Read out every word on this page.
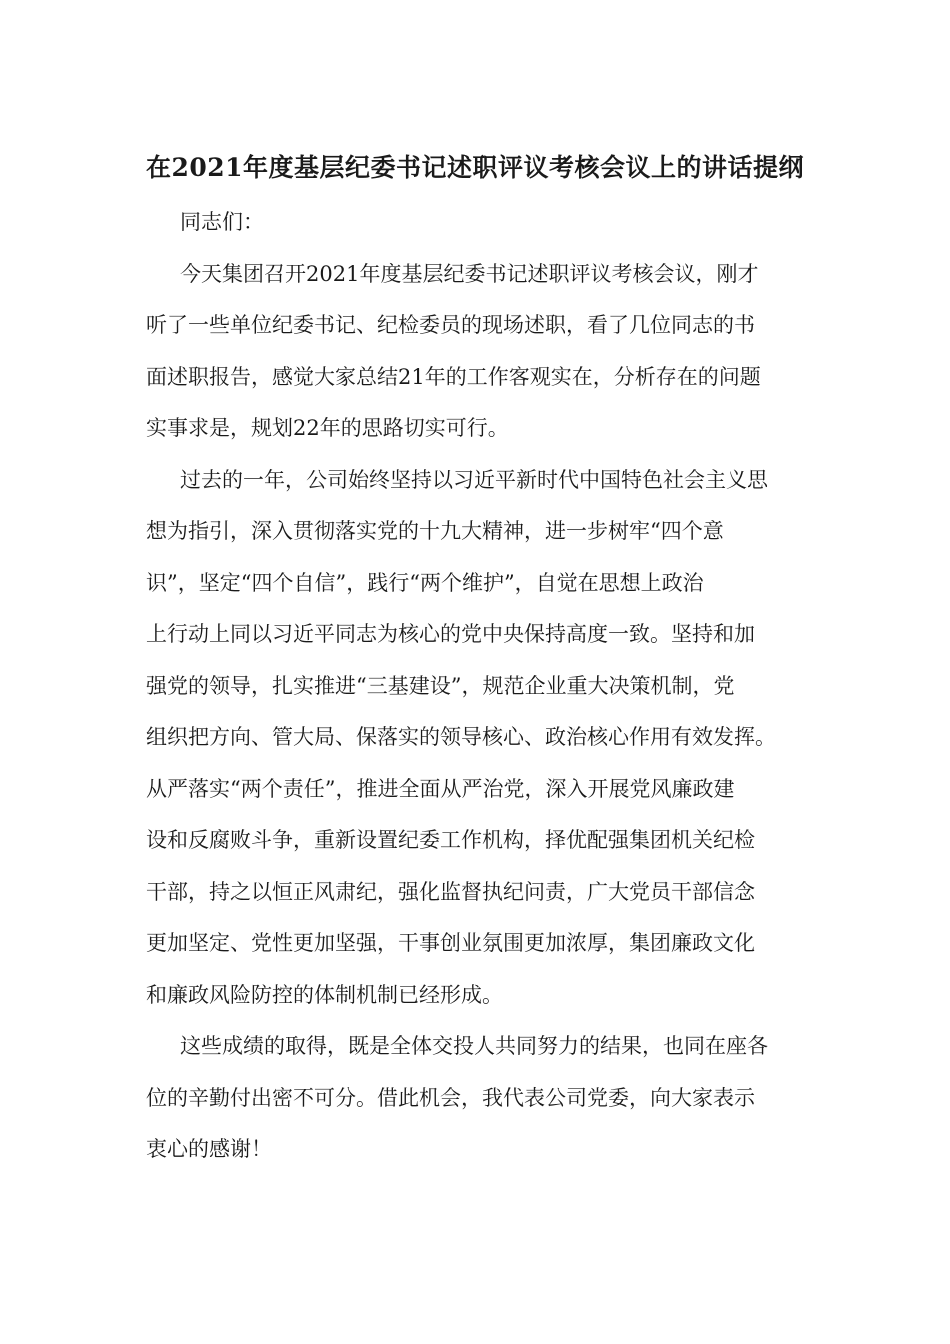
在2021年度基层纪委书记述职评议考核会议上的讲话提纲

同志们：

今天集团召开2021年度基层纪委书记述职评议考核会议，刚才
听了一些单位纪委书记、纪检委员的现场述职，看了几位同志的书
面述职报告，感觉大家总结21年的工作客观实在，分析存在的问题
实事求是，规划22年的思路切实可行。

过去的一年，公司始终坚持以习近平新时代中国特色社会主义思
想为指引，深入贯彻落实党的十九大精神，进一步树牢“四个意
识”，坚定“四个自信”，践行“两个维护”，自觉在思想上政治
上行动上同以习近平同志为核心的党中央保持高度一致。坚持和加
强党的领导，扎实推进“三基建设”，规范企业重大决策机制，党
组织把方向、管大局、保落实的领导核心、政治核心作用有效发挥。
从严落实“两个责任”，推进全面从严治党，深入开展党风廉政建
设和反腐败斗争，重新设置纪委工作机构，择优配强集团机关纪检
干部，持之以恒正风肃纪，强化监督执纪问责，广大党员干部信念
更加坚定、党性更加坚强，干事创业氛围更加浓厚，集团廉政文化
和廉政风险防控的体制机制已经形成。

这些成绩的取得，既是全体交投人共同努力的结果，也同在座各
位的辛勤付出密不可分。借此机会，我代表公司党委，向大家表示
衷心的感谢！
